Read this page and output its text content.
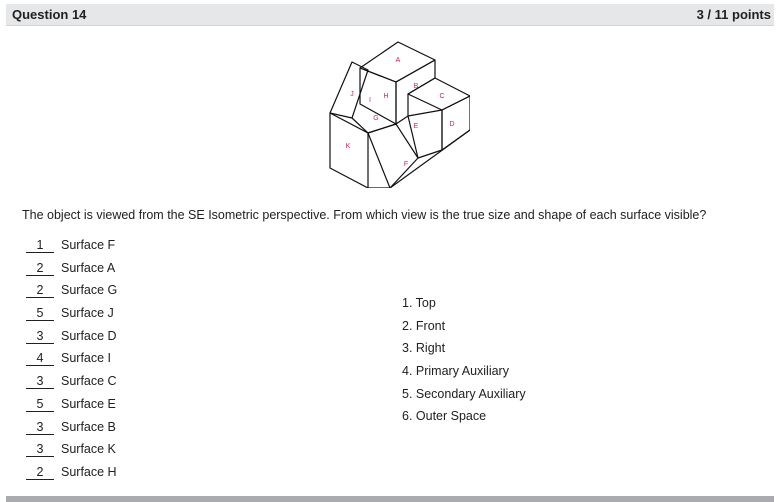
Question 14	3 / 11 points
A
B
C
D
E
F
G
H
I
J
K
The object is viewed from the SE Isometric perspective. From which view is the true size and shape of each surface visible?
1	Surface F
2	Surface A
2	Surface G
5	Surface J
3	Surface D
4	Surface I
3	Surface C
5	Surface E
3	Surface B
3	Surface K
2	Surface H
1. Top
2. Front
3. Right
4. Primary Auxiliary
5. Secondary Auxiliary
6. Outer Space
